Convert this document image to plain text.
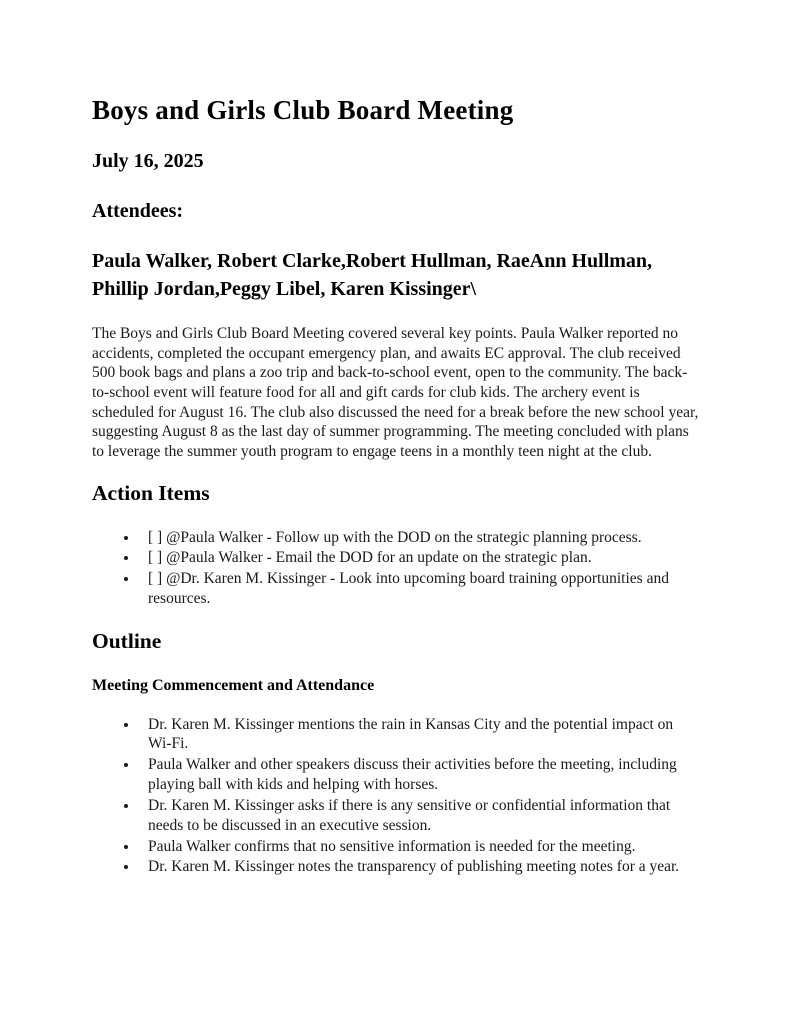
Boys and Girls Club Board Meeting
July 16, 2025
Attendees:
Paula Walker, Robert Clarke,Robert Hullman, RaeAnn Hullman, Phillip Jordan,Peggy Libel, Karen Kissinger\

The Boys and Girls Club Board Meeting covered several key points. Paula Walker reported no accidents, completed the occupant emergency plan, and awaits EC approval. The club received 500 book bags and plans a zoo trip and back-to-school event, open to the community. The back-to-school event will feature food for all and gift cards for club kids. The archery event is scheduled for August 16. The club also discussed the need for a break before the new school year, suggesting August 8 as the last day of summer programming. The meeting concluded with plans to leverage the summer youth program to engage teens in a monthly teen night at the club.

Action Items
• [ ] @Paula Walker - Follow up with the DOD on the strategic planning process.
• [ ] @Paula Walker - Email the DOD for an update on the strategic plan.
• [ ] @Dr. Karen M. Kissinger - Look into upcoming board training opportunities and resources.
Outline
Meeting Commencement and Attendance
• Dr. Karen M. Kissinger mentions the rain in Kansas City and the potential impact on Wi-Fi.
• Paula Walker and other speakers discuss their activities before the meeting, including playing ball with kids and helping with horses.
• Dr. Karen M. Kissinger asks if there is any sensitive or confidential information that needs to be discussed in an executive session.
• Paula Walker confirms that no sensitive information is needed for the meeting.
• Dr. Karen M. Kissinger notes the transparency of publishing meeting notes for a year.
